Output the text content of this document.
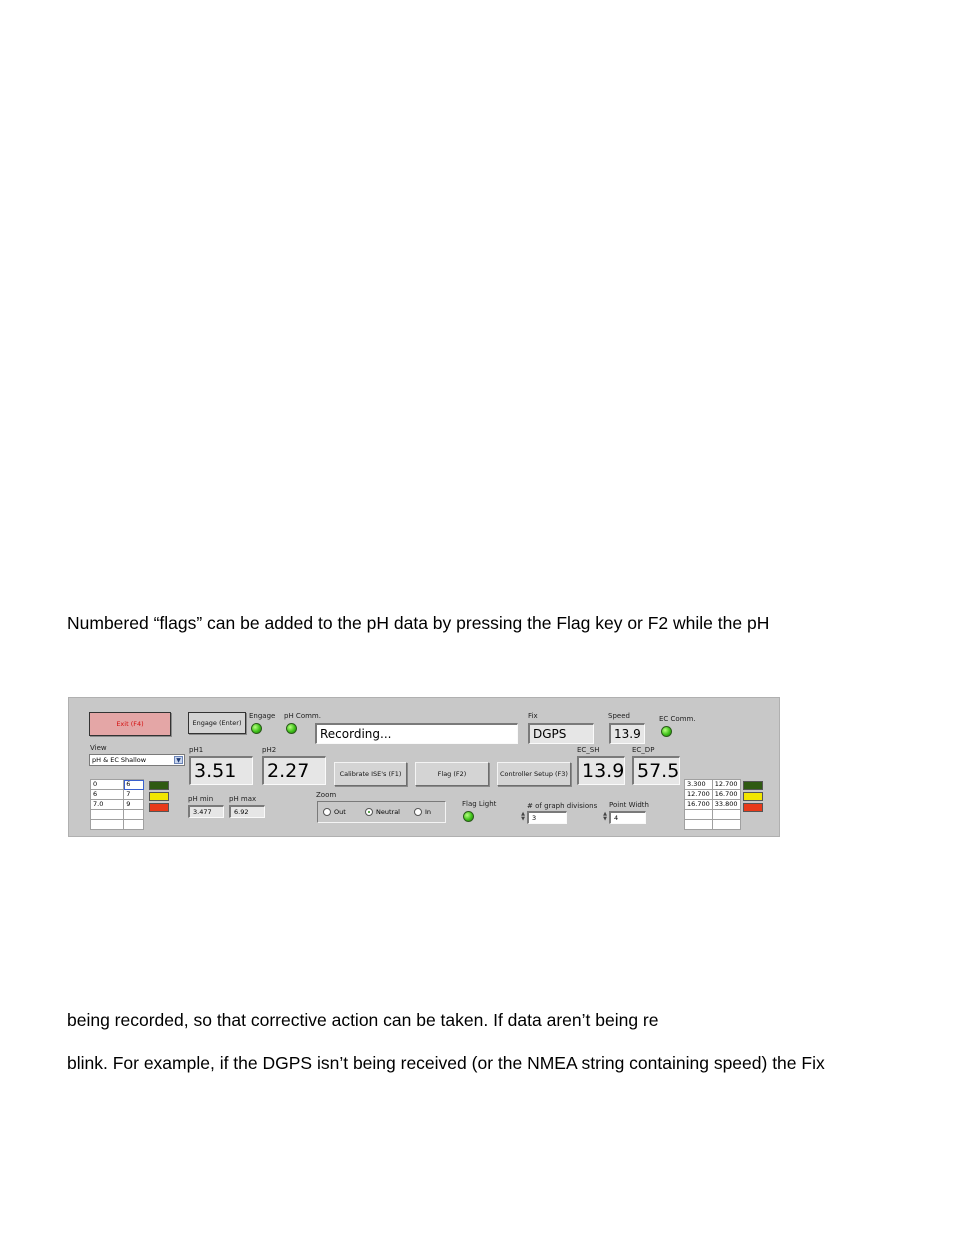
Numbered “flags” can be added to the pH data by pressing the Flag key or F2 while the pH
Exit (F4)
View
pH & EC Shallow	▼
0	6
6	7
7.0	9

Engage (Enter)
Engage pH Comm.
Recording...
Fix
DGPS
Speed
13.9
EC Comm.
pH1
3.51
pH2
2.27	Calibrate ISE's (F1)	Flag (F2)	Controller Setup (F3)
EC_SH
13.9
EC_DP
57.5
pH min
3.477
pH max
6.92
Zoom
Out	Neutral	In
Flag Light	# of graph divisions
▲
▼	3
Point Width
▲
▼	4
3.300	12.700
12.700	16.700
16.700	33.800

being recorded, so that corrective action can be taken. If data aren’t being re
blink. For example, if the DGPS isn’t being received (or the NMEA string containing speed) the Fix
